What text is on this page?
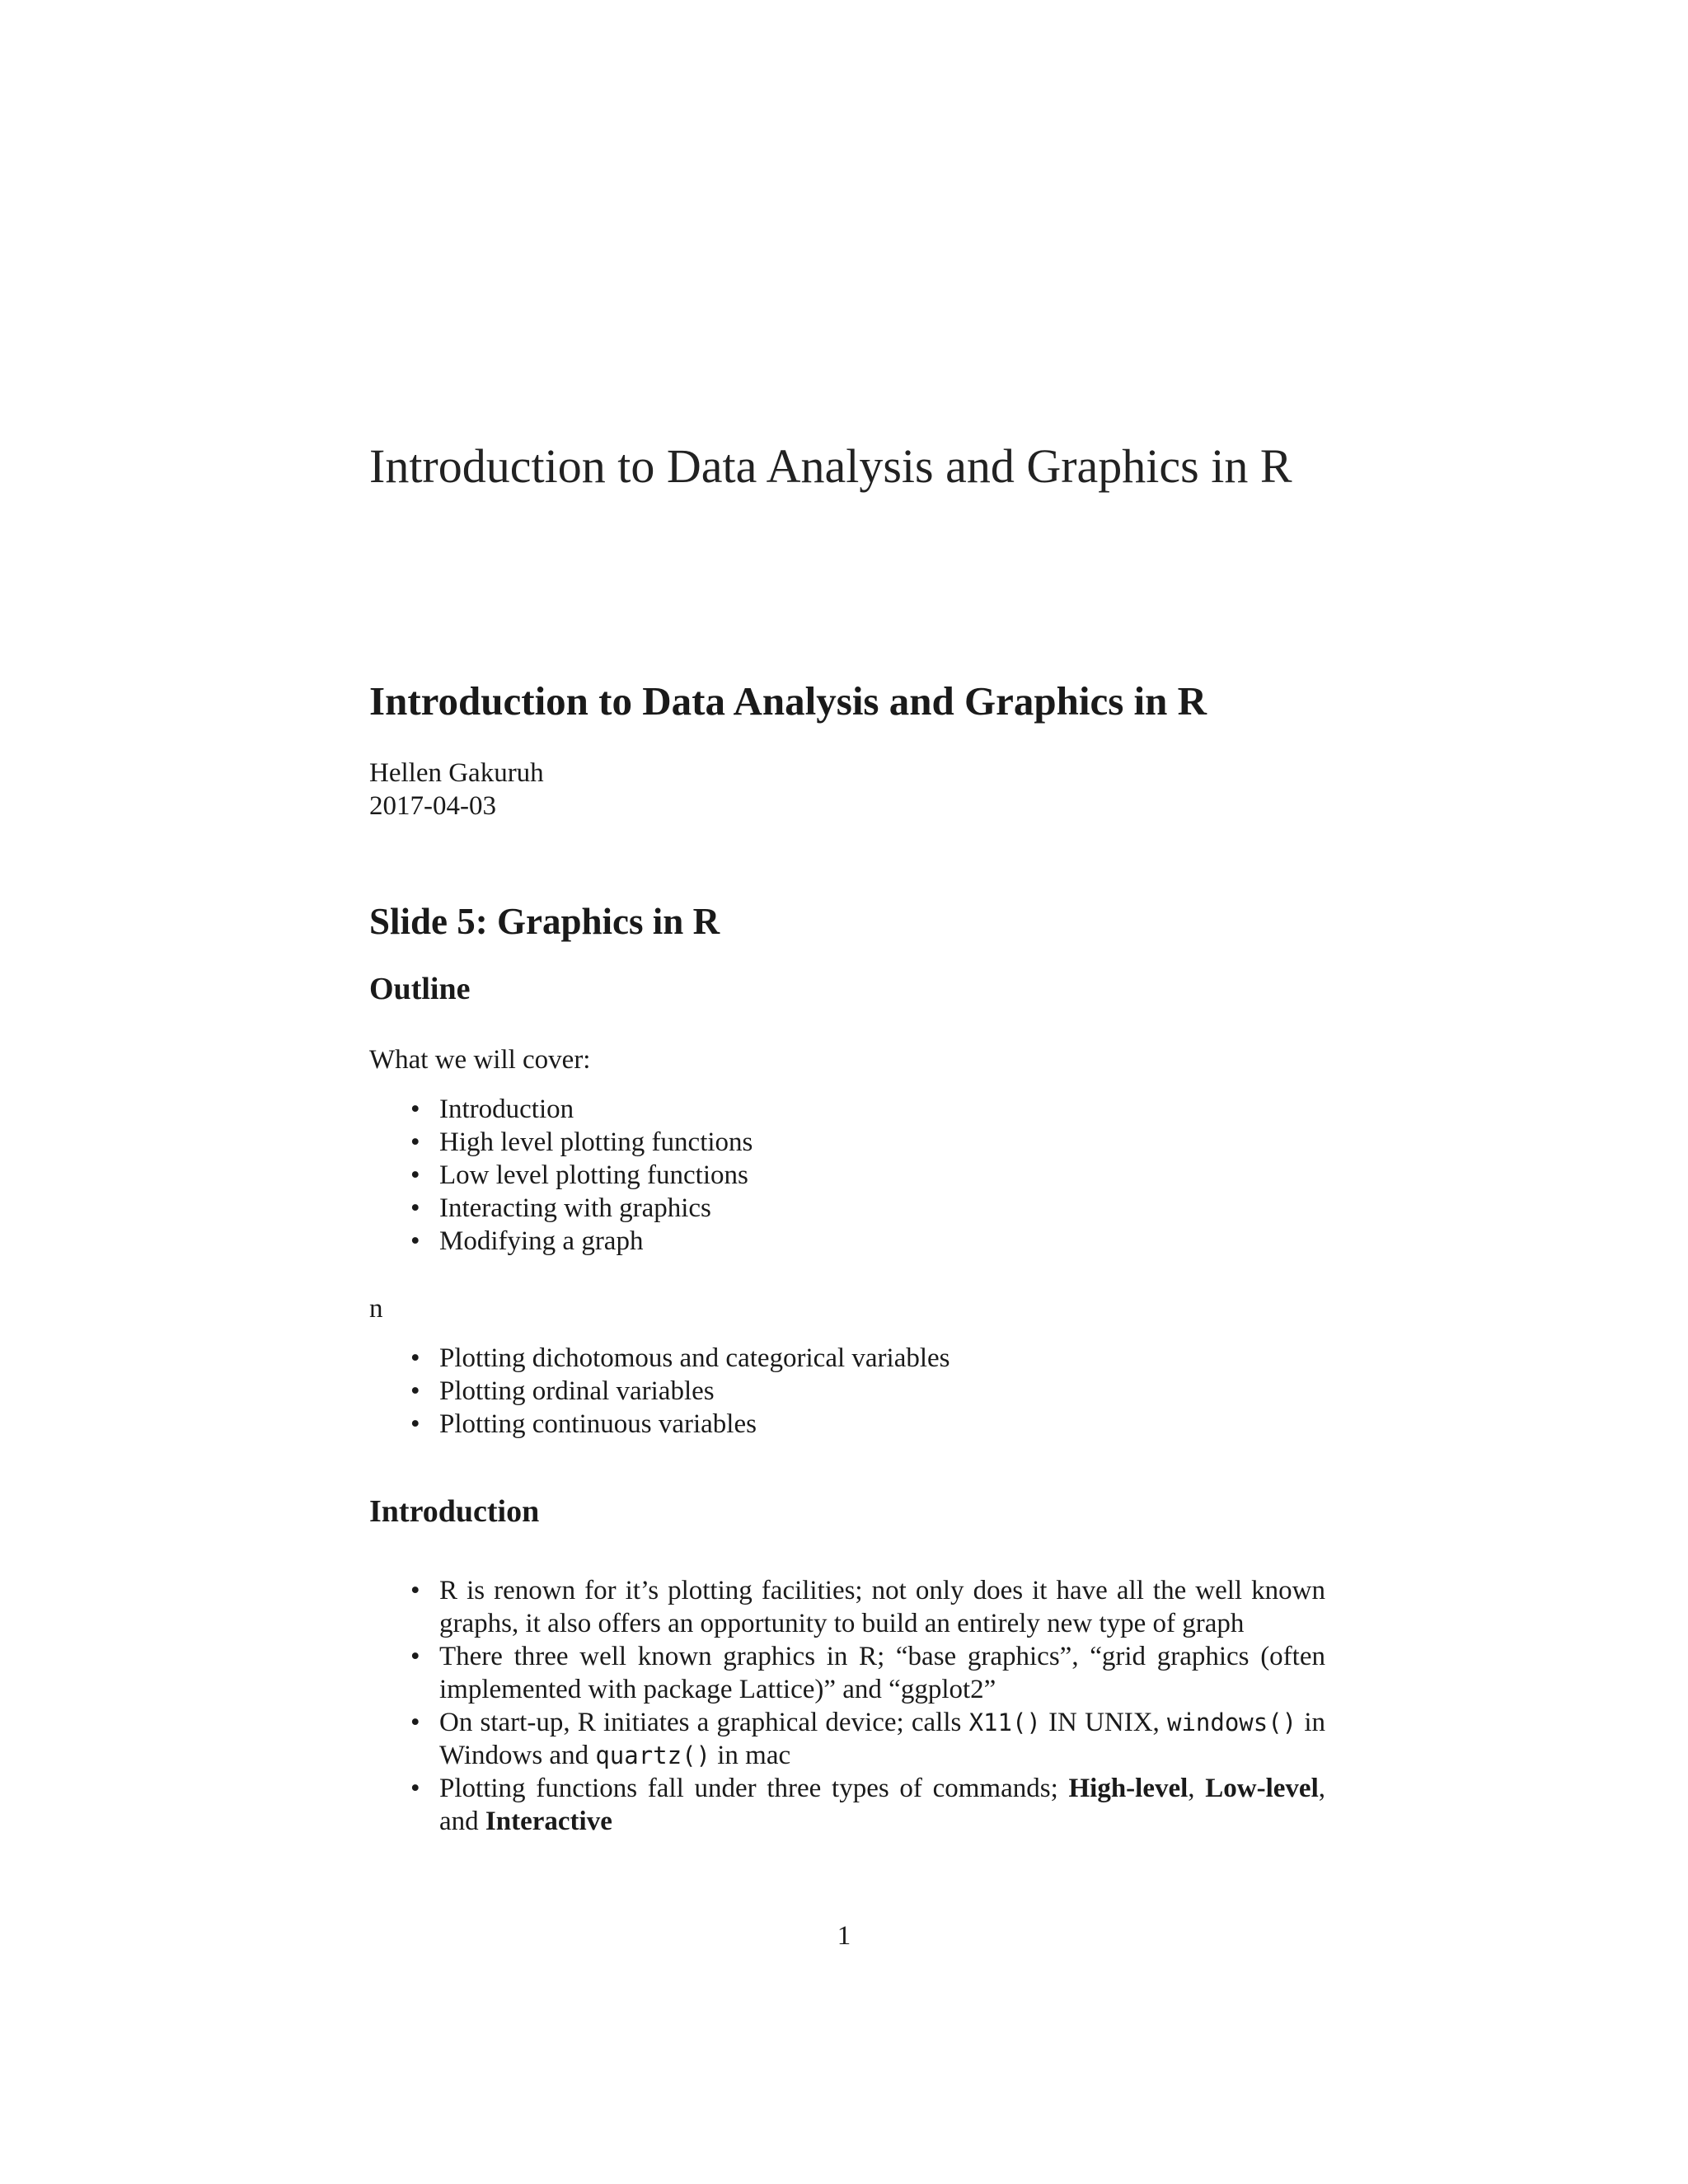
Introduction to Data Analysis and Graphics in R
Introduction to Data Analysis and Graphics in R
Hellen Gakuruh
2017-04-03
Slide 5: Graphics in R
Outline

What we will cover:

• Introduction
• High level plotting functions
• Low level plotting functions
• Interacting with graphics
• Modifying a graph

n

• Plotting dichotomous and categorical variables
• Plotting ordinal variables
• Plotting continuous variables
Introduction
• R is renown for it’s plotting facilities; not only does it have all the well known graphs, it also offers an opportunity to build an entirely new type of graph
• There three well known graphics in R; “base graphics”, “grid graphics (often implemented with package Lattice)” and “ggplot2”
• On start-up, R initiates a graphical device; calls X11() IN UNIX, windows() in Windows and quartz() in mac
• Plotting functions fall under three types of commands; High-level, Low-level, and Interactive
1
